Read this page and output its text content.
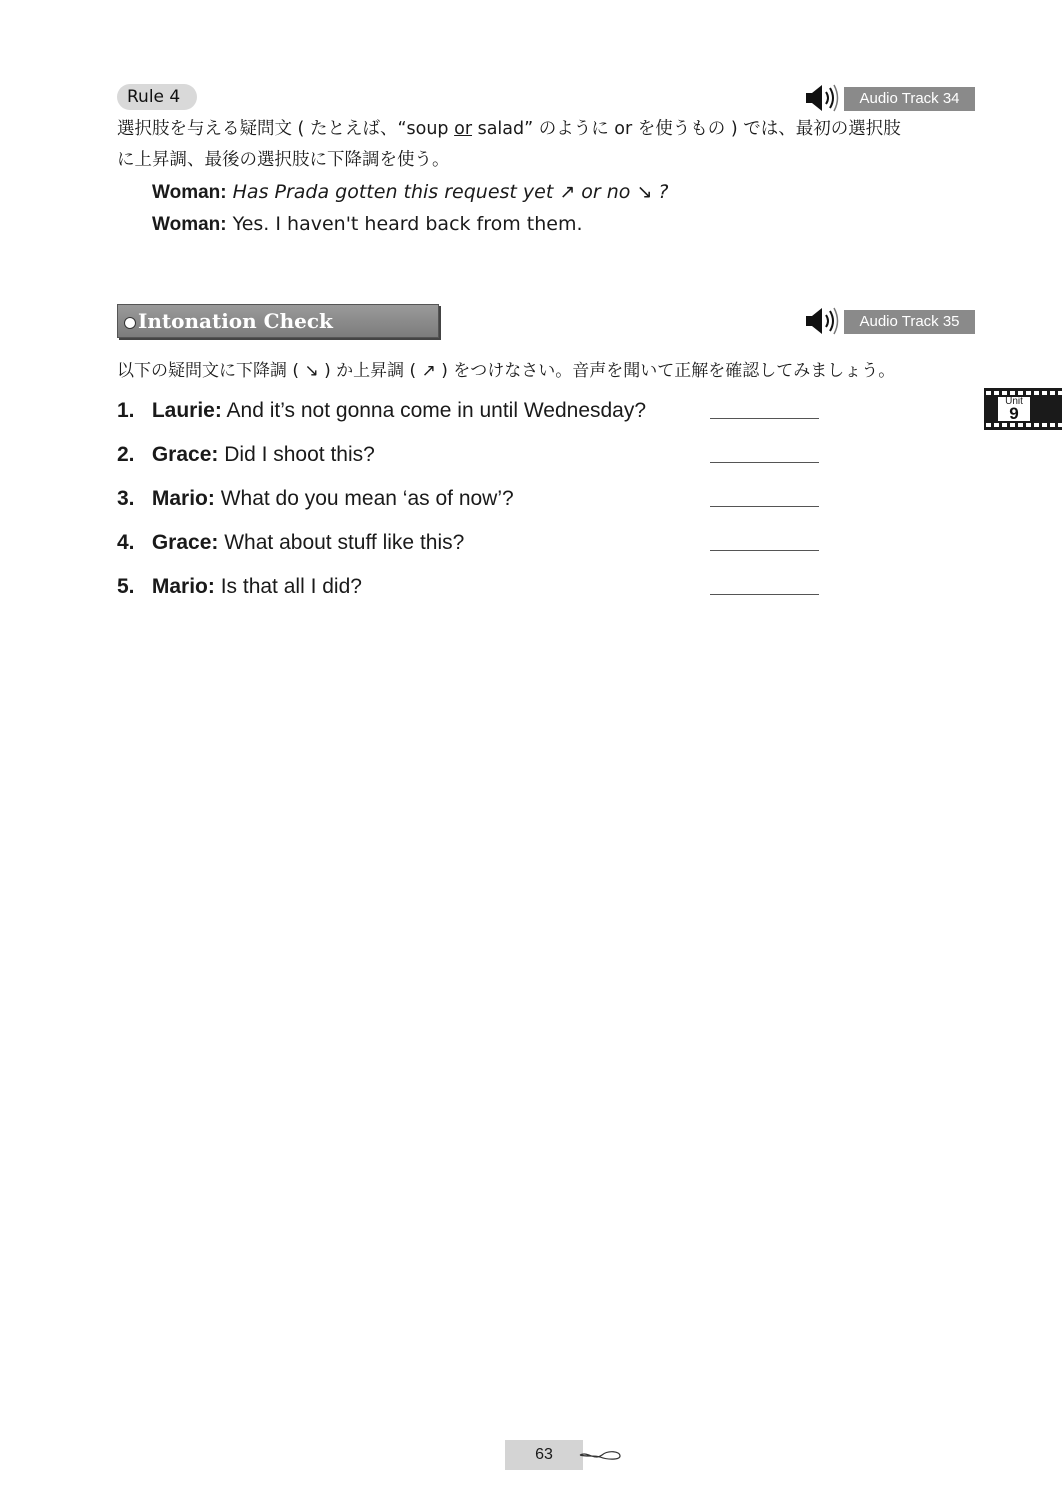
Rule 4	Audio Track 34
選択肢を与える疑問文 ( たとえば、“soup or salad” のように or を使うもの ) では、最初の選択肢
に上昇調、最後の選択肢に下降調を使う。
Woman: Has Prada gotten this request yet ↗ or no ↘ ?
Woman: Yes. I haven't heard back from them.
Intonation Check	Audio Track 35
以下の疑問文に下降調 ( ↘ ) か上昇調 ( ↗ ) をつけなさい。音声を聞いて正解を確認してみましょう。
1. Laurie: And it’s not gonna come in until Wednesday?
2. Grace: Did I shoot this?
3. Mario: What do you mean ‘as of now’?
4. Grace: What about stuff like this?
5. Mario: Is that all I did?
Unit
9
63
